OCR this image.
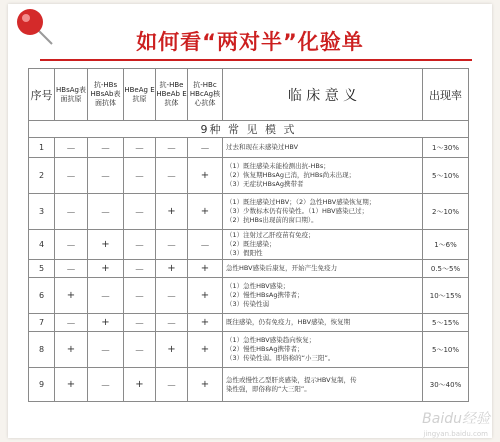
如何看“两对半”化验单
序号	HBsAg表面抗原	抗-HBs HBsAb表面抗体	HBeAg E抗原	抗-HBe HBeAb E抗体	抗-HBc HBcAg核心抗体	临 床 意 义	出现率
9种 常 见 模 式							
1	－	－	－	－	－	过去和现在未感染过HBV	1～30%
2	－	－	－	－	+	（1）既往感染未能检测出抗-HBs；
（2）恢复期HBsAg已消，抗HBs尚未出现；
（3）无症状HBsAg携带者	5～10%
3	－	－	－	+	+	（1）既往感染过HBV；（2）急性HBV感染恢复期；
（3）少数标本仍有传染性。（1）HBV感染已过；
（2）抗HBs出现前的窗口期）。	2～10%
4	－	+	－	－	－	（1）注射过乙肝疫苗有免疫；
（2）既往感染；
（3）假阳性	1～6%
5	－	+	－	+	+	急性HBV感染后康复，开始产生免疫力	0.5～5%
6	+	－	－	－	+	（1）急性HBV感染；
（2）慢性HBsAg携带者；
（3）传染性弱	10～15%
7	－	+	－	－	+	既往感染，仍有免疫力，HBV感染，恢复期	5～15%
8	+	－	－	+	+	（1）急性HBV感染趋向恢复；
（2）慢性HBsAg携带者；
（3）传染性弱。即俗称的“小三阳”。	5～10%
9	+	－	+	－	+	急性或慢性乙型肝炎感染，提示HBV复制，传
染性强，即俗称的“大三阳”。	30～40%
Baidu经验
jingyan.baidu.com
